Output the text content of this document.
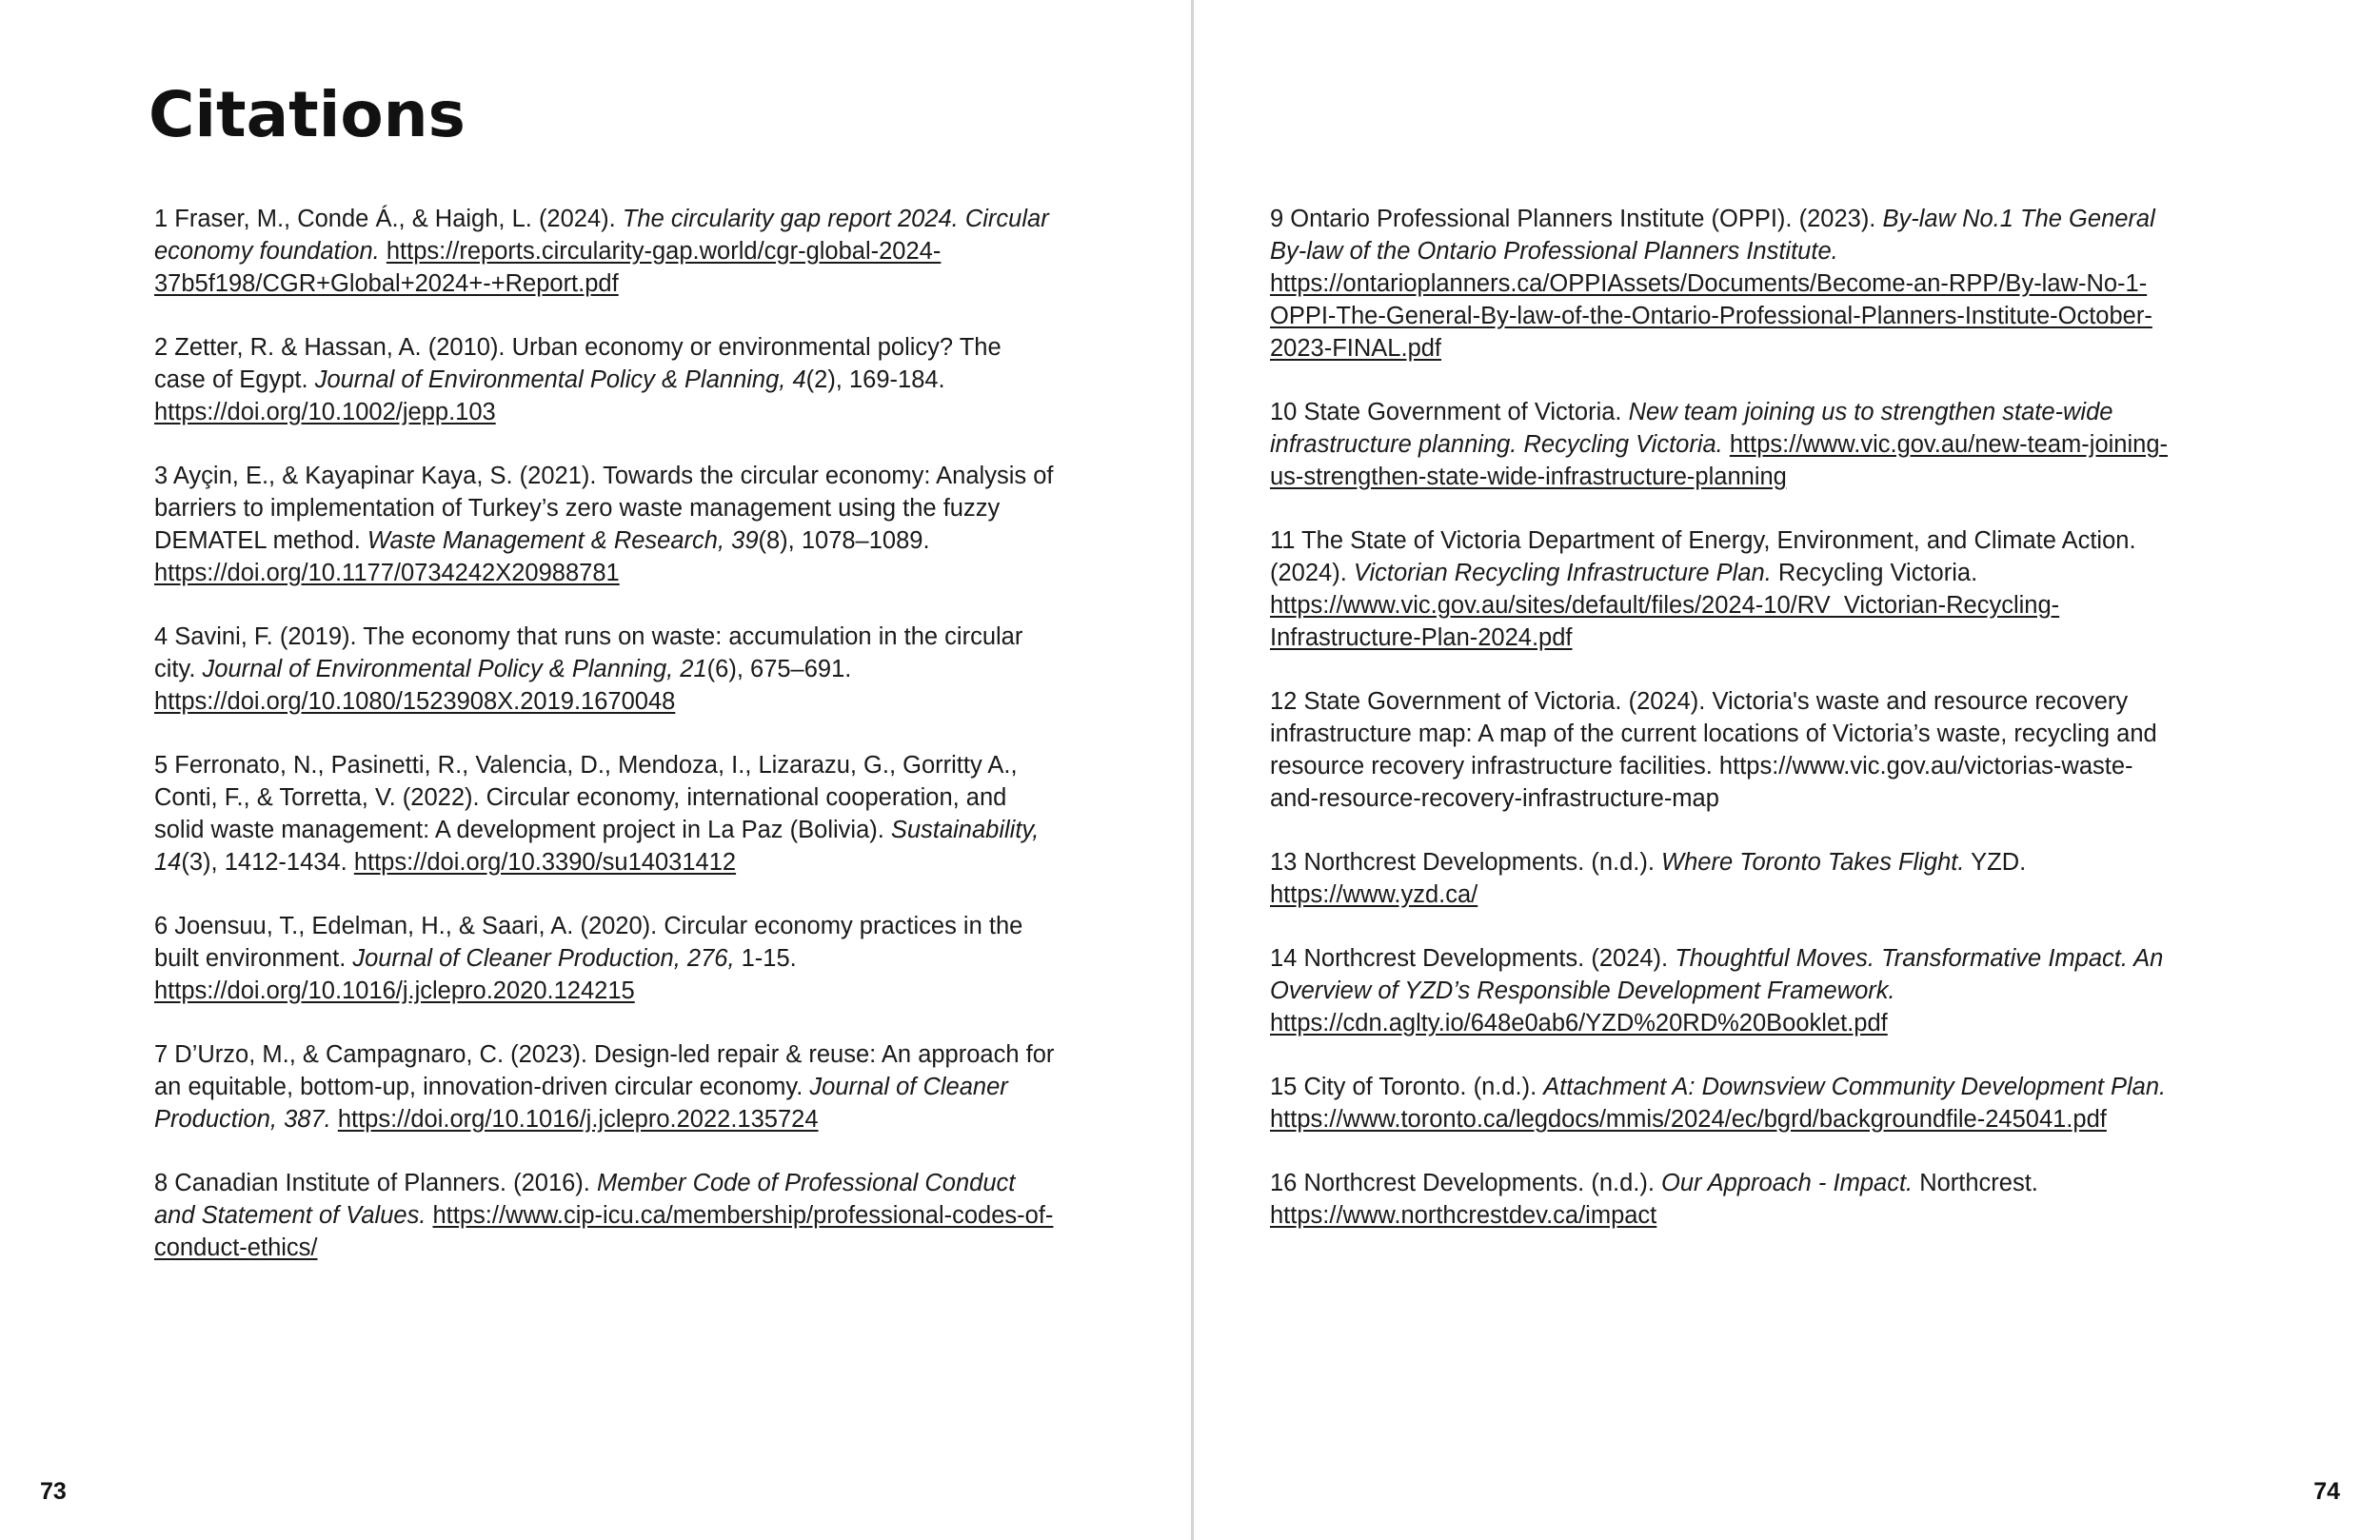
Citations

1 Fraser, M., Conde Á., & Haigh, L. (2024). The circularity gap report 2024. Circular economy foundation. https://reports.circularity-gap.world/cgr-global-2024-37b5f198/CGR+Global+2024+-+Report.pdf

2 Zetter, R. & Hassan, A. (2010). Urban economy or environmental policy? The case of Egypt. Journal of Environmental Policy & Planning, 4(2), 169-184. https://doi.org/10.1002/jepp.103

3 Ayçin, E., & Kayapinar Kaya, S. (2021). Towards the circular economy: Analysis of barriers to implementation of Turkey’s zero waste management using the fuzzy DEMATEL method. Waste Management & Research, 39(8), 1078–1089. https://doi.org/10.1177/0734242X20988781

4 Savini, F. (2019). The economy that runs on waste: accumulation in the circular city. Journal of Environmental Policy & Planning, 21(6), 675–691. https://doi.org/10.1080/1523908X.2019.1670048

5 Ferronato, N., Pasinetti, R., Valencia, D., Mendoza, I., Lizarazu, G., Gorritty A., Conti, F., & Torretta, V. (2022). Circular economy, international cooperation, and solid waste management: A development project in La Paz (Bolivia). Sustainability, 14(3), 1412-1434. https://doi.org/10.3390/su14031412

6 Joensuu, T., Edelman, H., & Saari, A. (2020). Circular economy practices in the built environment. Journal of Cleaner Production, 276, 1-15. https://doi.org/10.1016/j.jclepro.2020.124215

7 D’Urzo, M., & Campagnaro, C. (2023). Design-led repair & reuse: An approach for an equitable, bottom-up, innovation-driven circular economy. Journal of Cleaner Production, 387. https://doi.org/10.1016/j.jclepro.2022.135724

8 Canadian Institute of Planners. (2016). Member Code of Professional Conduct and Statement of Values. https://www.cip-icu.ca/membership/professional-codes-of-conduct-ethics/

9 Ontario Professional Planners Institute (OPPI). (2023). By-law No.1 The General By-law of the Ontario Professional Planners Institute. https://ontarioplanners.ca/OPPIAssets/Documents/Become-an-RPP/By-law-No-1-OPPI-The-General-By-law-of-the-Ontario-Professional-Planners-Institute-October-2023-FINAL.pdf

10 State Government of Victoria. New team joining us to strengthen state-wide infrastructure planning. Recycling Victoria. https://www.vic.gov.au/new-team-joining-us-strengthen-state-wide-infrastructure-planning

11 The State of Victoria Department of Energy, Environment, and Climate Action. (2024). Victorian Recycling Infrastructure Plan. Recycling Victoria. https://www.vic.gov.au/sites/default/files/2024-10/RV_Victorian-Recycling-Infrastructure-Plan-2024.pdf

12 State Government of Victoria. (2024). Victoria's waste and resource recovery infrastructure map: A map of the current locations of Victoria’s waste, recycling and resource recovery infrastructure facilities. https://www.vic.gov.au/victorias-waste-and-resource-recovery-infrastructure-map

13 Northcrest Developments. (n.d.). Where Toronto Takes Flight. YZD. https://www.yzd.ca/

14 Northcrest Developments. (2024). Thoughtful Moves. Transformative Impact. An Overview of YZD’s Responsible Development Framework. https://cdn.aglty.io/648e0ab6/YZD%20RD%20Booklet.pdf

15 City of Toronto. (n.d.). Attachment A: Downsview Community Development Plan. https://www.toronto.ca/legdocs/mmis/2024/ec/bgrd/backgroundfile-245041.pdf

16 Northcrest Developments. (n.d.). Our Approach - Impact. Northcrest. https://www.northcrestdev.ca/impact

73	74
